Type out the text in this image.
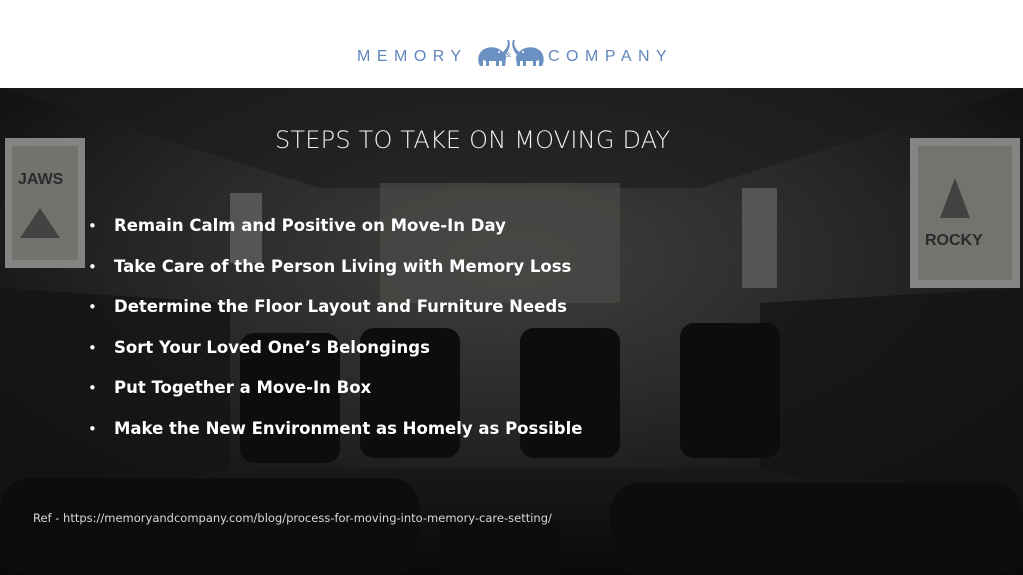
MEMORY	& COMPANY
JAWS
ROCKY
STEPS TO TAKE ON MOVING DAY
• Remain Calm and Positive on Move-In Day
• Take Care of the Person Living with Memory Loss
• Determine the Floor Layout and Furniture Needs
• Sort Your Loved One’s Belongings
• Put Together a Move-In Box
• Make the New Environment as Homely as Possible
Ref - https://memoryandcompany.com/blog/process-for-moving-into-memory-care-setting/
